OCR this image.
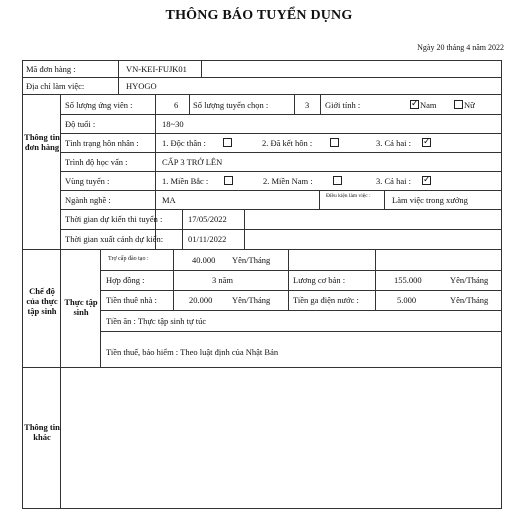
THÔNG BÁO TUYỂN DỤNG
Ngày 20 tháng 4 năm 2022
Mã đơn hàng :	VN-KEI-FUJK01
Địa chỉ làm việc:	HYOGO
Thông tin đơn hàng
Số lượng ứng viên :	6 Số lượng tuyển chọn :	3 Giới tính :	✓ Nam	Nữ
Độ tuổi :	18~30
Tình trạng hôn nhân :	1. Độc thân :	2. Đã kết hôn :	3. Cả hai : ✓
Trình độ học vấn :	CẤP 3 TRỞ LÊN
Vùng tuyển :	1. Miền Bắc :	2. Miền Nam :	3. Cả hai : ✓
Ngành nghề :	MA	Điều kiện làm việc :	Làm việc trong xưởng
Thời gian dự kiến thi tuyển :	17/05/2022
Thời gian xuất cảnh dự kiến:	01/11/2022
Chế độ của thực tập sinh
Thực tập sinh
Trợ cấp đào tạo :	40.000 Yên/Tháng
Hợp đồng :	3 năm	Lương cơ bản :	155.000	Yên/Tháng
Tiền thuê nhà :	20.000 Yên/Tháng	Tiền ga điện nước :	5.000	Yên/Tháng
Tiền ăn : Thực tập sinh tự túc
Tiền thuế, bảo hiểm : Theo luật định của Nhật Bản
Thông tin khác
